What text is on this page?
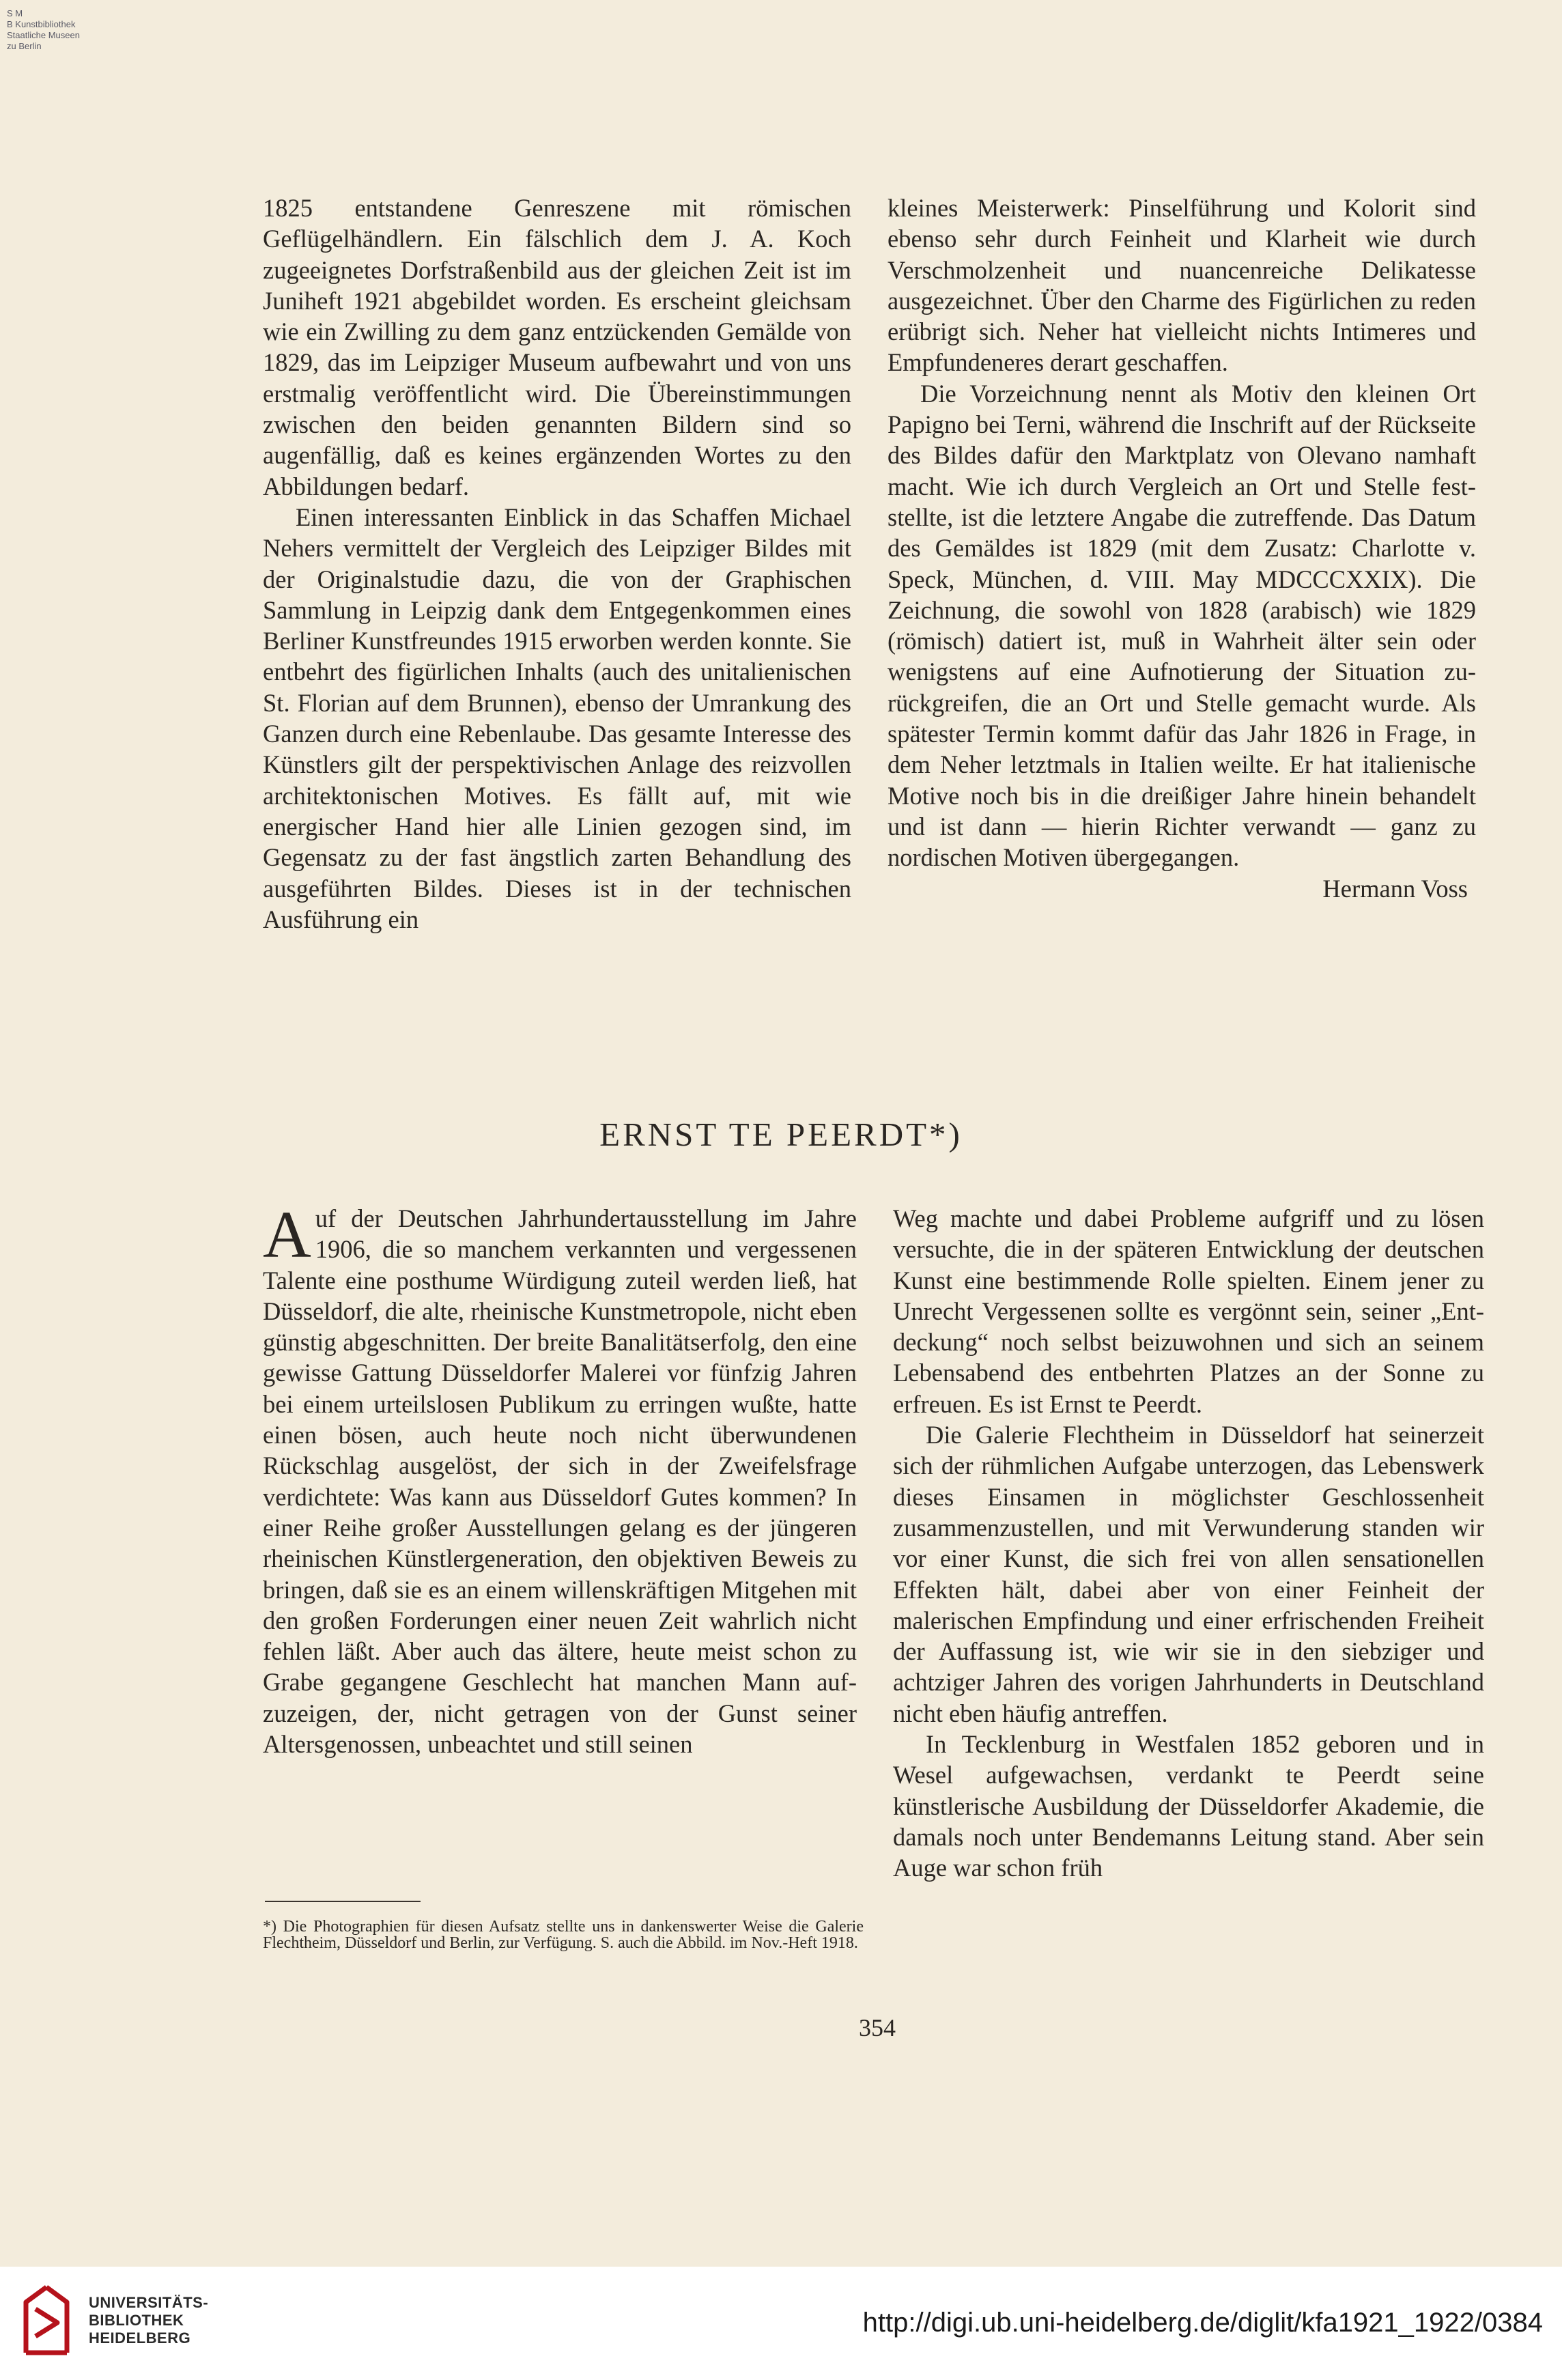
S M
B Kunstbibliothek
Staatliche Museen
zu Berlin

1825 entstandene Genreszene mit römischen Geflügelhändlern. Ein fälschlich dem J. A. Koch zugeeignetes Dorfstraßenbild aus der gleichen Zeit ist im Juniheft 1921 abgebildet worden. Es erscheint gleichsam wie ein Zwilling zu dem ganz entzückenden Gemälde von 1829, das im Leipziger Museum aufbewahrt und von uns erstmalig veröffentlicht wird. Die Übereinstimmungen zwischen den beiden genannten Bildern sind so augenfällig, daß es keines ergänzenden Wortes zu den Abbildungen bedarf.

Einen interessanten Einblick in das Schaffen Michael Nehers vermittelt der Vergleich des Leipziger Bildes mit der Originalstudie dazu, die von der Graphischen Sammlung in Leipzig dank dem Entgegenkommen eines Berliner Kunstfreundes 1915 erworben werden konnte. Sie entbehrt des figürlichen Inhalts (auch des unitalienischen St. Florian auf dem Brunnen), ebenso der Umrankung des Ganzen durch eine Rebenlaube. Das gesamte Interesse des Künstlers gilt der perspektivischen Anlage des reizvollen architektonischen Motives. Es fällt auf, mit wie energischer Hand hier alle Linien gezogen sind, im Gegensatz zu der fast ängstlich zarten Behandlung des ausgeführten Bildes. Dieses ist in der technischen Ausführung ein

kleines Meisterwerk: Pinselführung und Kolorit sind ebenso sehr durch Feinheit und Klarheit wie durch Verschmolzenheit und nuancenreiche Delikatesse ausgezeichnet. Über den Charme des Figürlichen zu reden erübrigt sich. Neher hat vielleicht nichts Intimeres und Empfundeneres derart geschaffen.

Die Vorzeichnung nennt als Motiv den kleinen Ort Papigno bei Terni, während die Inschrift auf der Rückseite des Bildes dafür den Marktplatz von Olevano namhaft macht. Wie ich durch Vergleich an Ort und Stelle feststellte, ist die letztere Angabe die zutreffende. Das Datum des Gemäldes ist 1829 (mit dem Zusatz: Charlotte v. Speck, München, d. VIII. May MDCCCXXIX). Die Zeichnung, die sowohl von 1828 (arabisch) wie 1829 (römisch) datiert ist, muß in Wahrheit älter sein oder wenigstens auf eine Aufnotierung der Situation zurückgreifen, die an Ort und Stelle gemacht wurde. Als spätester Termin kommt dafür das Jahr 1826 in Frage, in dem Neher letztmals in Italien weilte. Er hat italienische Motive noch bis in die dreißiger Jahre hinein behandelt und ist dann — hierin Richter verwandt — ganz zu nordischen Motiven übergegangen.

Hermann Voss

ERNST TE PEERDT*)

Auf der Deutschen Jahrhundertausstellung im Jahre 1906, die so manchem verkannten und vergessenen Talente eine posthume Würdigung zuteil werden ließ, hat Düsseldorf, die alte, rheinische Kunstmetropole, nicht eben günstig abgeschnitten. Der breite Banalitätserfolg, den eine gewisse Gattung Düsseldorfer Malerei vor fünfzig Jahren bei einem urteilslosen Publikum zu erringen wußte, hatte einen bösen, auch heute noch nicht überwundenen Rückschlag ausgelöst, der sich in der Zweifelsfrage verdichtete: Was kann aus Düsseldorf Gutes kommen? In einer Reihe großer Ausstellungen gelang es der jüngeren rheinischen Künstlergeneration, den objektiven Beweis zu bringen, daß sie es an einem willenskräftigen Mitgehen mit den großen Forderungen einer neuen Zeit wahrlich nicht fehlen läßt. Aber auch das ältere, heute meist schon zu Grabe gegangene Geschlecht hat manchen Mann aufzuzeigen, der, nicht getragen von der Gunst seiner Altersgenossen, unbeachtet und still seinen

Weg machte und dabei Probleme aufgriff und zu lösen versuchte, die in der späteren Entwicklung der deutschen Kunst eine bestimmende Rolle spielten. Einem jener zu Unrecht Vergessenen sollte es vergönnt sein, seiner „Entdeckung“ noch selbst beizuwohnen und sich an seinem Lebensabend des entbehrten Platzes an der Sonne zu erfreuen. Es ist Ernst te Peerdt.

Die Galerie Flechtheim in Düsseldorf hat seinerzeit sich der rühmlichen Aufgabe unterzogen, das Lebenswerk dieses Einsamen in möglichster Geschlossenheit zusammenzustellen, und mit Verwunderung standen wir vor einer Kunst, die sich frei von allen sensationellen Effekten hält, dabei aber von einer Feinheit der malerischen Empfindung und einer erfrischenden Freiheit der Auffassung ist, wie wir sie in den siebziger und achtziger Jahren des vorigen Jahrhunderts in Deutschland nicht eben häufig antreffen.

In Tecklenburg in Westfalen 1852 geboren und in Wesel aufgewachsen, verdankt te Peerdt seine künstlerische Ausbildung der Düsseldorfer Akademie, die damals noch unter Bendemanns Leitung stand. Aber sein Auge war schon früh

*) Die Photographien für diesen Aufsatz stellte uns in dankenswerter Weise die Galerie Flechtheim, Düsseldorf und Berlin, zur Verfügung. S. auch die Abbild. im Nov.-Heft 1918.

354
UNIVERSITÄTS-
BIBLIOTHEK
HEIDELBERG
http://digi.ub.uni-heidelberg.de/diglit/kfa1921_1922/0384
